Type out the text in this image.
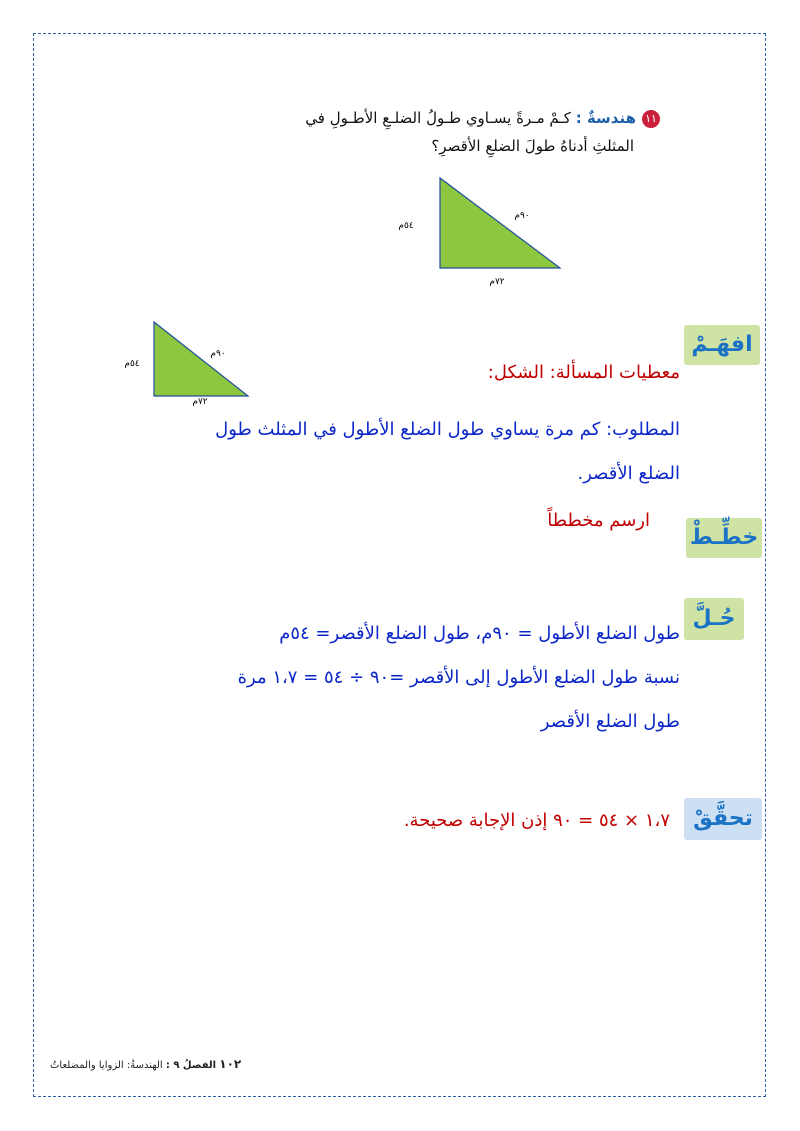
١١هندسةٌ : كـمْ مـرةً يسـاوي طـولُ الضلـعِ الأطـولِ في
المثلثِ أدناهُ طولَ الضلعِ الأقصرِ؟
٩٠م
٥٤م
٧٢م
افهَـمْ
٩٠م
٥٤م
٧٢م
معطيات المسألة: الشكل:
المطلوب: كم مرة يساوي طول الضلع الأطول في المثلث طول
الضلع الأقصر.
خطِّـطْ
ارسم مخططاً
حُـلَّ
طول الضلع الأطول = ٩٠م، طول الضلع الأقصر= ٥٤م
نسبة طول الضلع الأطول إلى الأقصر =٩٠ ÷ ٥٤ = ١،٧ مرة
طول الضلع الأقصر
تحقَّقْ
١،٧ × ٥٤ = ٩٠ إذن الإجابة صحيحة.
١٠٢ الفصلُ ٩ : الهندسةُ: الزوايا والمضلعاتُ
